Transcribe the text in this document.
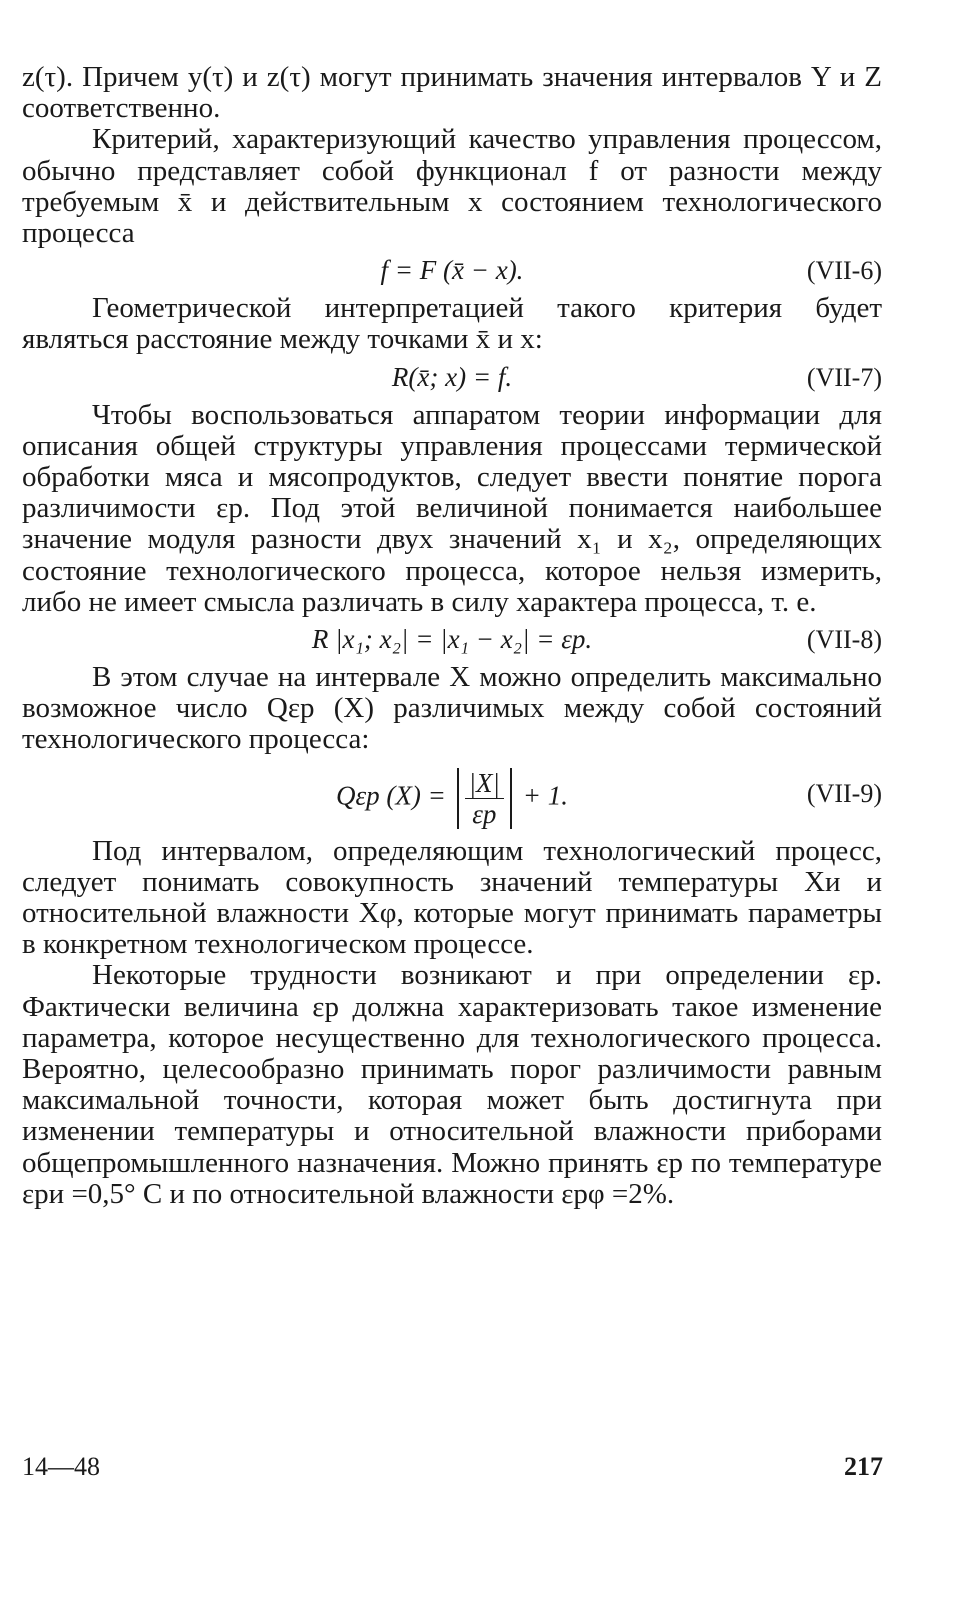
z(τ). Причем y(τ) и z(τ) могут принимать значения интервалов Y и Z соответственно.

Критерий, характеризующий качество управления процессом, обычно представляет собой функционал f от разности между требуемым x̄ и действительным x состоянием технологического процесса

f = F (x̄ − x).	(VII-6)

Геометрической интерпретацией такого критерия будет являться расстояние между точками x̄ и x:

R(x̄; x) = f.	(VII-7)

Чтобы воспользоваться аппаратом теории информации для описания общей структуры управления процессами термической обработки мяса и мясопродуктов, следует ввести понятие порога различимости εр. Под этой величиной понимается наибольшее значение модуля разности двух значений x₁ и x₂, определяющих состояние технологического процесса, которое нельзя измерить, либо не имеет смысла различать в силу характера процесса, т. е.

R |x₁; x₂| = |x₁ − x₂| = εр.	(VII-8)

В этом случае на интервале X можно определить максимально возможное число Qεр (X) различимых между собой состояний технологического процесса:

Qεр $(X) = \frac{|X|}{\varepsilon р} + 1$.	(VII-9)

Под интервалом, определяющим технологический процесс, следует понимать совокупность значений температуры Xи и относительной влажности Xφ, которые могут принимать параметры в конкретном технологическом процессе.

Некоторые трудности возникают и при определении εр. Фактически величина εр должна характеризовать такое изменение параметра, которое несущественно для технологического процесса. Вероятно, целесообразно принимать порог различимости равным максимальной точности, которая может быть достигнута при изменении температуры и относительной влажности приборами общепромышленного назначения. Можно принять εр по температуре εри =0,5° С и по относительной влажности εрφ =2%.

14—48	217
